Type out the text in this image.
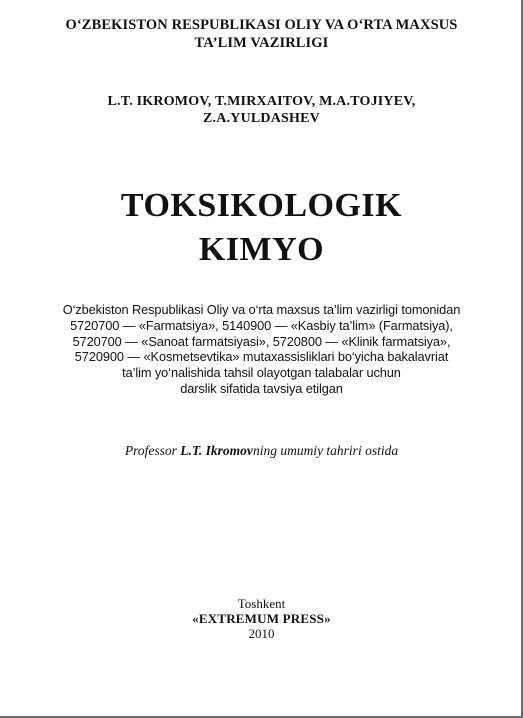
O‘ZBEKISTON RESPUBLIKASI OLIY VA O‘RTA MAXSUS
TA’LIM VAZIRLIGI
L.T. IKROMOV, T.MIRXAITOV, M.A.TOJIYEV,
Z.A.YULDASHEV
TOKSIKOLOGIK
KIMYO
O‘zbekiston Respublikasi Oliy va o‘rta maxsus ta’lim vazirligi tomonidan
5720700 — «Farmatsiya», 5140900 — «Kasbiy ta’lim» (Farmatsiya),
5720700 — «Sanoat farmatsiyasi», 5720800 — «Klinik farmatsiya»,
5720900 — «Kosmetsevtika» mutaxassisliklari bo‘yicha bakalavriat
ta’lim yo‘nalishida tahsil olayotgan talabalar uchun
darslik sifatida tavsiya etilgan
Professor L.T. Ikromovning umumiy tahriri ostida
Toshkent
«EXTREMUM PRESS»
2010
